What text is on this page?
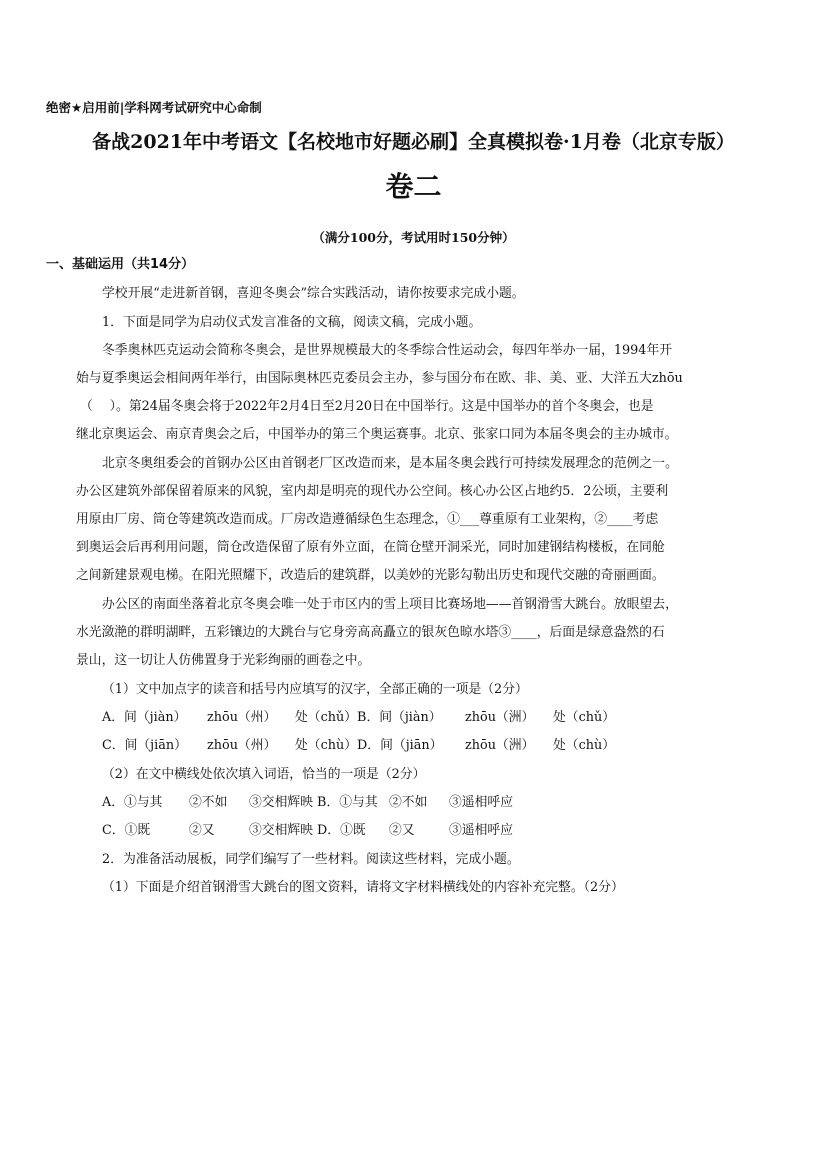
绝密★启用前|学科网考试研究中心命制
备战2021年中考语文【名校地市好题必刷】全真模拟卷·1月卷（北京专版）
卷二
（满分100分，考试用时150分钟）
一、基础运用（共14分）
学校开展“走进新首钢，喜迎冬奥会”综合实践活动，请你按要求完成小题。
1．下面是同学为启动仪式发言准备的文稿，阅读文稿，完成小题。
冬季奥林匹克运动会简称冬奥会，是世界规模最大的冬季综合性运动会，每四年举办一届，1994年开
始与夏季奥运会相间两年举行，由国际奥林匹克委员会主办，参与国分布在欧、非、美、亚、大洋五大zhōu
（　 ）。第24届冬奥会将于2022年2月4日至2月20日在中国举行。这是中国举办的首个冬奥会，也是
继北京奥运会、南京青奥会之后，中国举办的第三个奥运赛事。北京、张家口同为本届冬奥会的主办城市。
北京冬奥组委会的首钢办公区由首钢老厂区改造而来，是本届冬奥会践行可持续发展理念的范例之一。
办公区建筑外部保留着原来的风貌，室内却是明亮的现代办公空间。核心办公区占地约5．2公顷，主要利
用原由厂房、筒仓等建筑改造而成。厂房改造遵循绿色生态理念，①___尊重原有工业架构，②____考虑
到奥运会后再利用问题，筒仓改造保留了原有外立面，在筒仓壁开洞采光，同时加建钢结构楼板，在同舱
之间新建景观电梯。在阳光照耀下，改造后的建筑群，以美妙的光影勾勒出历史和现代交融的奇丽画面。
办公区的南面坐落着北京冬奥会唯一处于市区内的雪上项目比赛场地——首钢滑雪大跳台。放眼望去，
水光潋滟的群明湖畔，五彩镶边的大跳台与它身旁高高矗立的银灰色晾水塔③____，后面是绿意盎然的石
景山，这一切让人仿佛置身于光彩绚丽的画卷之中。
（1）文中加点字的读音和括号内应填写的汉字，全部正确的一项是（2分）
A．间（jiàn） zhōu（州） 处（chǔ）B．间（jiàn） zhōu（洲） 处（chǔ）
C．间（jiān） zhōu（州） 处（chù）D．间（jiān） zhōu（洲） 处（chù）
（2）在文中横线处依次填入词语，恰当的一项是（2分）
A．①与其 ②不如 ③交相辉映 B．①与其 ②不如 ③遥相呼应
C．①既	②又	③交相辉映 D．①既 ②又	③遥相呼应
2．为准备活动展板，同学们编写了一些材料。阅读这些材料，完成小题。
（1）下面是介绍首钢滑雪大跳台的图文资料，请将文字材料横线处的内容补充完整。（2分）
